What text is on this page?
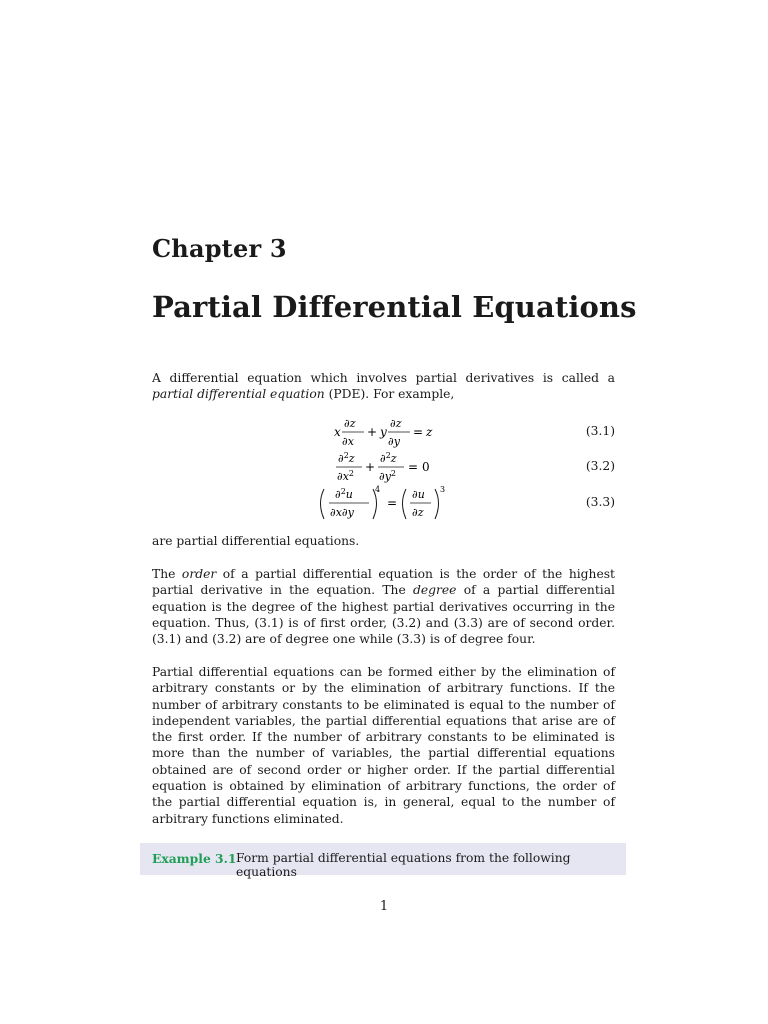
Chapter 3
Partial Differential Equations
A differential equation which involves partial derivatives is called a partial differential equation (PDE). For example,
x
∂z
∂x
+ y
∂z
∂y
= z	(3.1)
∂$^2$z
$\partial x^2$ +
∂$^2$z
$\partial y^2 = 0$	(3.2)
∂$^2$u
∂x∂y
4
=
∂u
∂z
3
(3.3)
are partial differential equations.
The order of a partial differential equation is the order of the highest partial derivative in the equation. The degree of a partial differential equation is the degree of the highest partial derivatives occurring in the equation. Thus, (3.1) is of first order, (3.2) and (3.3) are of second order. (3.1) and (3.2) are of degree one while (3.3) is of degree four.
Partial differential equations can be formed either by the elimination of arbitrary constants or by the elimination of arbitrary functions. If the number of arbitrary constants to be eliminated is equal to the number of independent variables, the partial differential equations that arise are of the first order. If the number of arbitrary constants to be eliminated is more than the number of variables, the partial differential equations obtained are of second order or higher order. If the partial differential equation is obtained by elimination of arbitrary functions, the order of the partial differential equation is, in general, equal to the number of arbitrary functions eliminated.
Example 3.1 Form partial differential equations from the following equations
1
